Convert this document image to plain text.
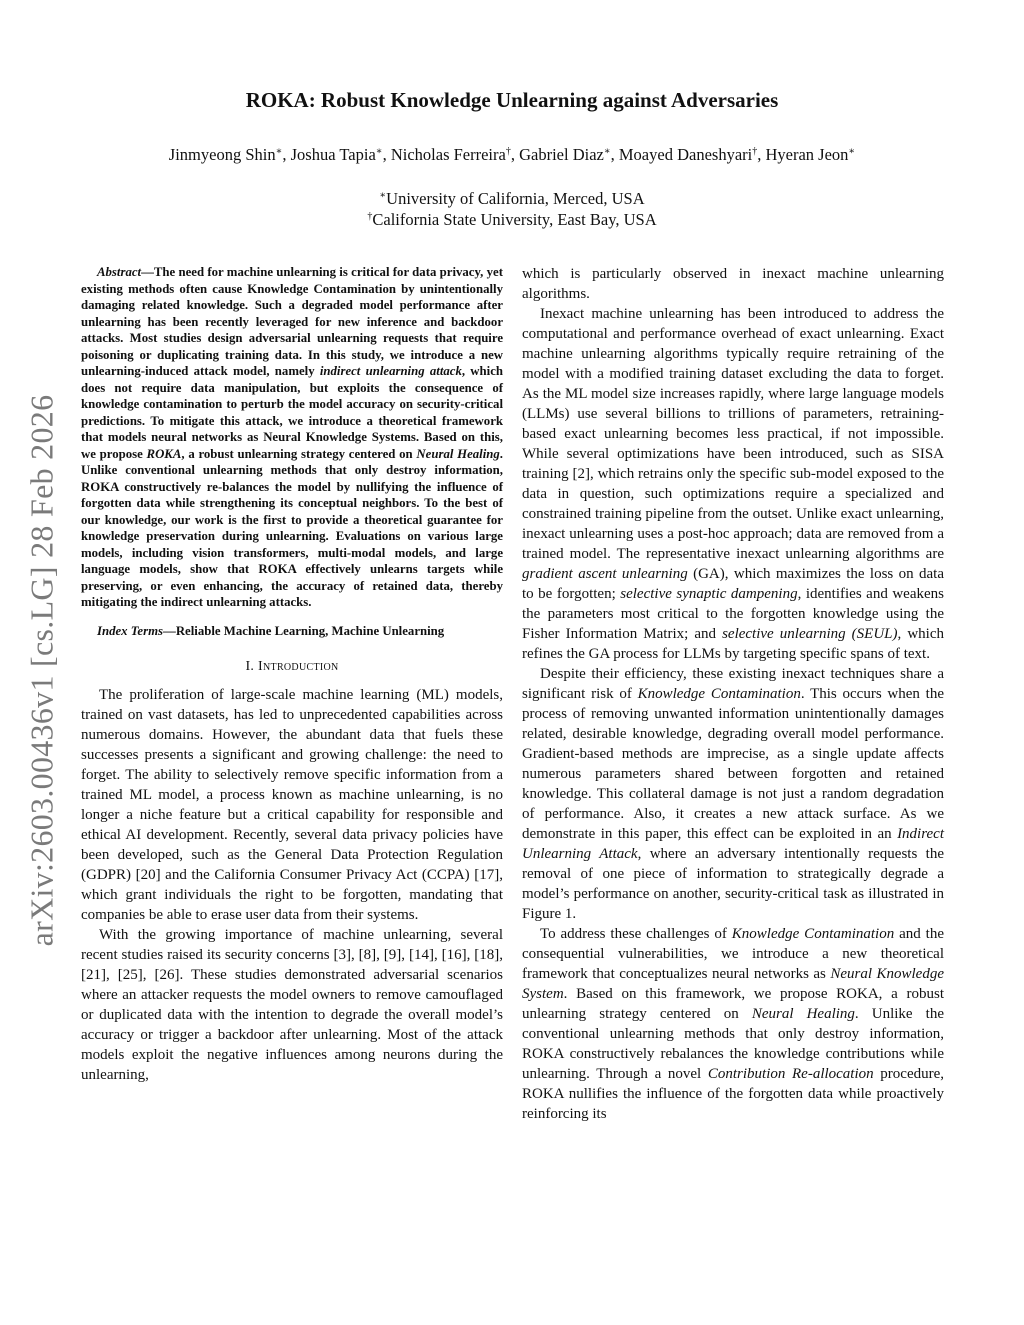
arXiv:2603.00436v1 [cs.LG] 28 Feb 2026
ROKA: Robust Knowledge Unlearning against Adversaries
Jinmyeong Shin∗, Joshua Tapia∗, Nicholas Ferreira†, Gabriel Diaz∗, Moayed Daneshyari†, Hyeran Jeon∗
∗University of California, Merced, USA
†California State University, East Bay, USA

Abstract—The need for machine unlearning is critical for data privacy, yet existing methods often cause Knowledge Contamination by unintentionally damaging related knowledge. Such a degraded model performance after unlearning has been recently leveraged for new inference and backdoor attacks. Most studies design adversarial unlearning requests that require poisoning or duplicating training data. In this study, we introduce a new unlearning-induced attack model, namely indirect unlearning attack, which does not require data manipulation, but exploits the consequence of knowledge contamination to perturb the model accuracy on security-critical predictions. To mitigate this attack, we introduce a theoretical framework that models neural networks as Neural Knowledge Systems. Based on this, we propose ROKA, a robust unlearning strategy centered on Neural Healing. Unlike conventional unlearning methods that only destroy information, ROKA constructively re-balances the model by nullifying the influence of forgotten data while strengthening its conceptual neighbors. To the best of our knowledge, our work is the first to provide a theoretical guarantee for knowledge preservation during unlearning. Evaluations on various large models, including vision transformers, multi-modal models, and large language models, show that ROKA effectively unlearns targets while preserving, or even enhancing, the accuracy of retained data, thereby mitigating the indirect unlearning attacks.

Index Terms—Reliable Machine Learning, Machine Unlearning

I. Introduction

The proliferation of large-scale machine learning (ML) models, trained on vast datasets, has led to unprecedented capabilities across numerous domains. However, the abundant data that fuels these successes presents a significant and growing challenge: the need to forget. The ability to selectively remove specific information from a trained ML model, a process known as machine unlearning, is no longer a niche feature but a critical capability for responsible and ethical AI development. Recently, several data privacy policies have been developed, such as the General Data Protection Regulation (GDPR) [20] and the California Consumer Privacy Act (CCPA) [17], which grant individuals the right to be forgotten, mandating that companies be able to erase user data from their systems.

With the growing importance of machine unlearning, several recent studies raised its security concerns [3], [8], [9], [14], [16], [18], [21], [25], [26]. These studies demonstrated adversarial scenarios where an attacker requests the model owners to remove camouflaged or duplicated data with the intention to degrade the overall model’s accuracy or trigger a backdoor after unlearning. Most of the attack models exploit the negative influences among neurons during the unlearning,

which is particularly observed in inexact machine unlearning algorithms.

Inexact machine unlearning has been introduced to address the computational and performance overhead of exact unlearning. Exact machine unlearning algorithms typically require retraining of the model with a modified training dataset excluding the data to forget. As the ML model size increases rapidly, where large language models (LLMs) use several billions to trillions of parameters, retraining-based exact unlearning becomes less practical, if not impossible. While several optimizations have been introduced, such as SISA training [2], which retrains only the specific sub-model exposed to the data in question, such optimizations require a specialized and constrained training pipeline from the outset. Unlike exact unlearning, inexact unlearning uses a post-hoc approach; data are removed from a trained model. The representative inexact unlearning algorithms are gradient ascent unlearning (GA), which maximizes the loss on data to be forgotten; selective synaptic dampening, identifies and weakens the parameters most critical to the forgotten knowledge using the Fisher Information Matrix; and selective unlearning (SEUL), which refines the GA process for LLMs by targeting specific spans of text.

Despite their efficiency, these existing inexact techniques share a significant risk of Knowledge Contamination. This occurs when the process of removing unwanted information unintentionally damages related, desirable knowledge, degrading overall model performance. Gradient-based methods are imprecise, as a single update affects numerous parameters shared between forgotten and retained knowledge. This collateral damage is not just a random degradation of performance. Also, it creates a new attack surface. As we demonstrate in this paper, this effect can be exploited in an Indirect Unlearning Attack, where an adversary intentionally requests the removal of one piece of information to strategically degrade a model’s performance on another, security-critical task as illustrated in Figure 1.

To address these challenges of Knowledge Contamination and the consequential vulnerabilities, we introduce a new theoretical framework that conceptualizes neural networks as Neural Knowledge System. Based on this framework, we propose ROKA, a robust unlearning strategy centered on Neural Healing. Unlike the conventional unlearning methods that only destroy information, ROKA constructively rebalances the knowledge contributions while unlearning. Through a novel Contribution Re-allocation procedure, ROKA nullifies the influence of the forgotten data while proactively reinforcing its
